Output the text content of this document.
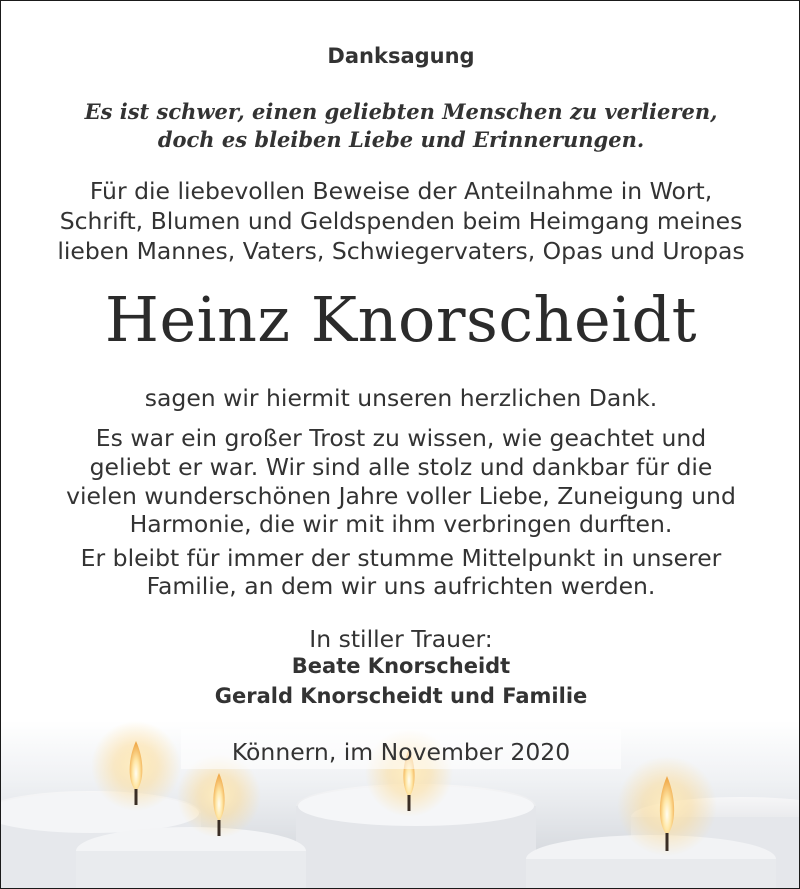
Danksagung
Es ist schwer, einen geliebten Menschen zu verlieren,
doch es bleiben Liebe und Erinnerungen.
Für die liebevollen Beweise der Anteilnahme in Wort,
Schrift, Blumen und Geldspenden beim Heimgang meines
lieben Mannes, Vaters, Schwiegervaters, Opas und Uropas
Heinz Knorscheidt
sagen wir hiermit unseren herzlichen Dank.
Es war ein großer Trost zu wissen, wie geachtet und
geliebt er war. Wir sind alle stolz und dankbar für die
vielen wunderschönen Jahre voller Liebe, Zuneigung und
Harmonie, die wir mit ihm verbringen durften.
Er bleibt für immer der stumme Mittelpunkt in unserer
Familie, an dem wir uns aufrichten werden.
In stiller Trauer:
Beate Knorscheidt
Gerald Knorscheidt und Familie
Könnern, im November 2020
